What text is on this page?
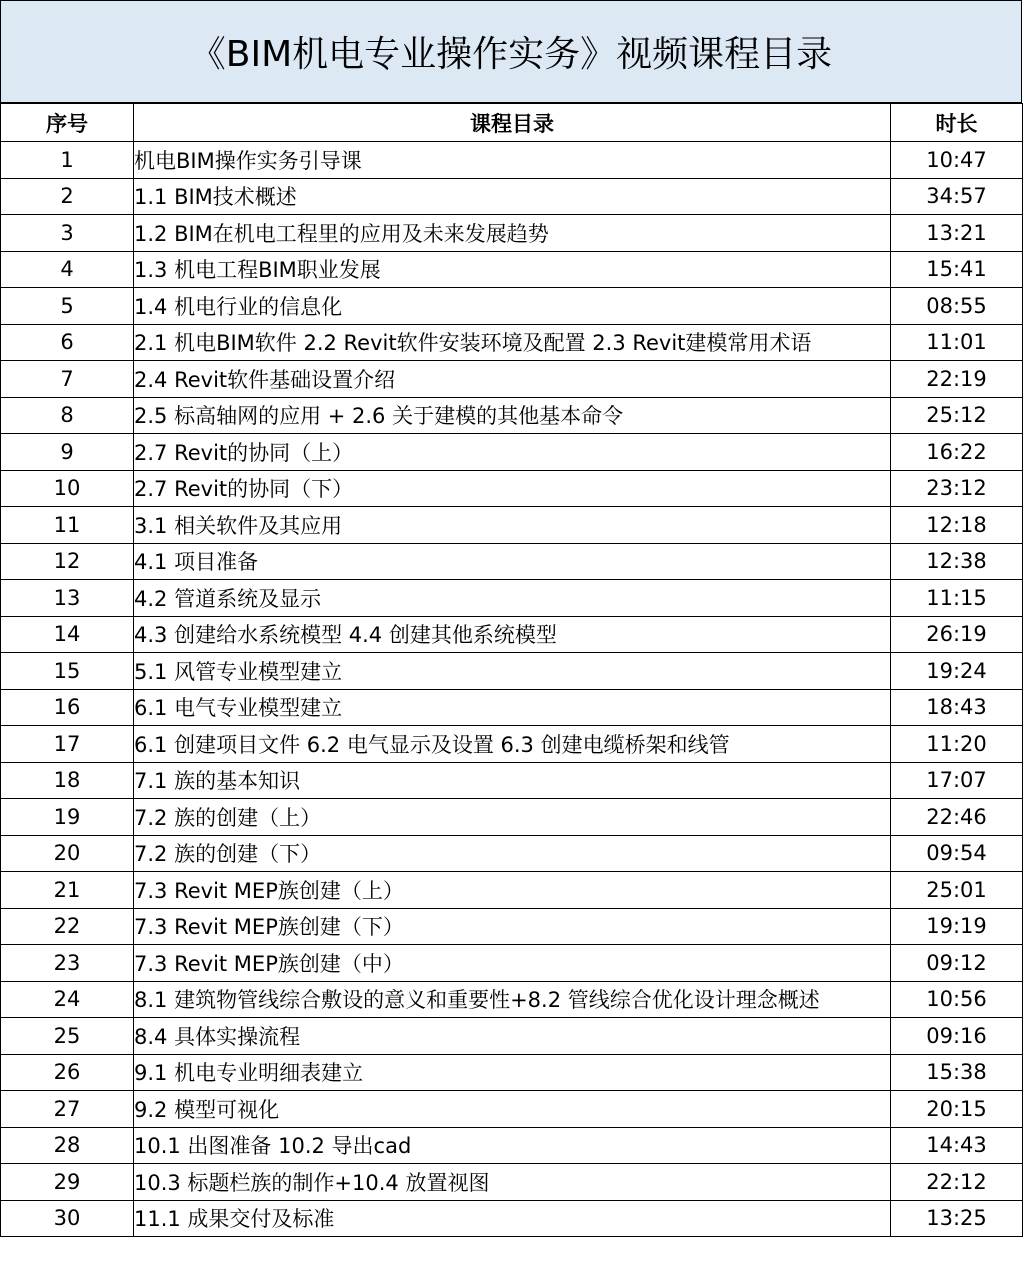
《BIM机电专业操作实务》视频课程目录
序号	课程目录	时长
1	机电BIM操作实务引导课	10:47
2	1.1 BIM技术概述	34:57
3	1.2 BIM在机电工程里的应用及未来发展趋势	13:21
4	1.3 机电工程BIM职业发展	15:41
5	1.4 机电行业的信息化	08:55
6	2.1 机电BIM软件 2.2 Revit软件安装环境及配置 2.3 Revit建模常用术语	11:01
7	2.4 Revit软件基础设置介绍	22:19
8	2.5 标高轴网的应用 + 2.6 关于建模的其他基本命令	25:12
9	2.7 Revit的协同（上）	16:22
10	2.7 Revit的协同（下）	23:12
11	3.1 相关软件及其应用	12:18
12	4.1 项目准备	12:38
13	4.2 管道系统及显示	11:15
14	4.3 创建给水系统模型 4.4 创建其他系统模型	26:19
15	5.1 风管专业模型建立	19:24
16	6.1 电气专业模型建立	18:43
17	6.1 创建项目文件 6.2 电气显示及设置 6.3 创建电缆桥架和线管	11:20
18	7.1 族的基本知识	17:07
19	7.2 族的创建（上）	22:46
20	7.2 族的创建（下）	09:54
21	7.3 Revit MEP族创建（上）	25:01
22	7.3 Revit MEP族创建（下）	19:19
23	7.3 Revit MEP族创建（中）	09:12
24	8.1 建筑物管线综合敷设的意义和重要性+8.2 管线综合优化设计理念概述	10:56
25	8.4 具体实操流程	09:16
26	9.1 机电专业明细表建立	15:38
27	9.2 模型可视化	20:15
28	10.1 出图准备 10.2 导出cad	14:43
29	10.3 标题栏族的制作+10.4 放置视图	22:12
30	11.1 成果交付及标准	13:25
